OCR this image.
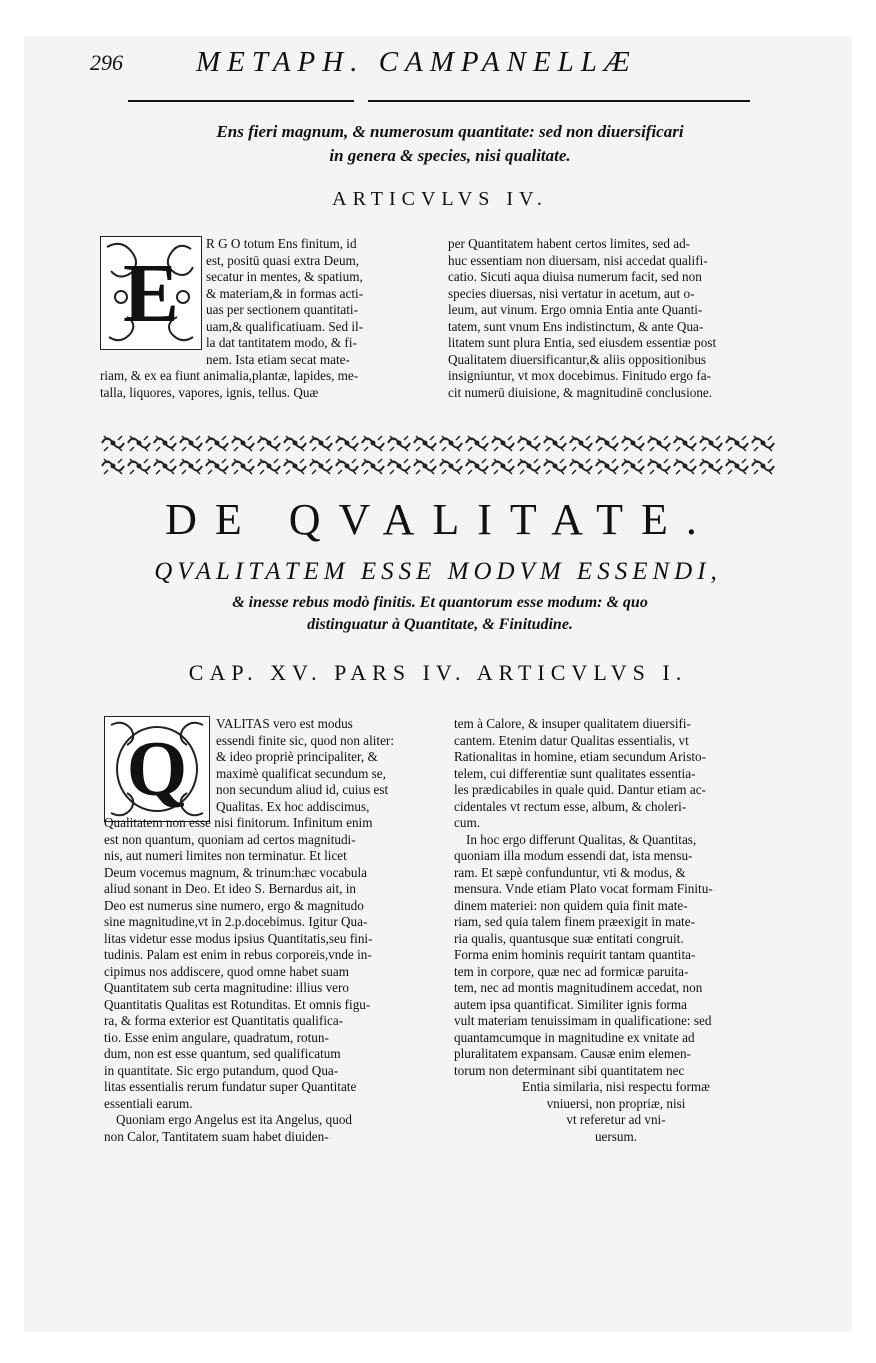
296	METAPH. CAMPANELLÆ
Ens fieri magnum, & numerosum quantitate: sed non diuersificari
in genera & species, nisi qualitate.
ARTICVLVS IV.
E

R G O totum Ens finitum, id

est, positū quasi extra Deum,

secatur in mentes, & spatium,

& materiam,& in formas acti-

uas per sectionem quantitati-

uam,& qualificatiuam. Sed il-

la dat tantitatem modo, & fi-

nem. Ista etiam secat mate-

riam, & ex ea fiunt animalia,plantæ, lapides, me-

talla, liquores, vapores, ignis, tellus. Quæ

per Quantitatem habent certos limites, sed ad-

huc essentiam non diuersam, nisi accedat qualifi-

catio. Sicuti aqua diuisa numerum facit, sed non

species diuersas, nisi vertatur in acetum, aut o-

leum, aut vinum. Ergo omnia Entia ante Quanti-

tatem, sunt vnum Ens indistinctum, & ante Qua-

litatem sunt plura Entia, sed eiusdem essentiæ post

Qualitatem diuersificantur,& aliis oppositionibus

insigniuntur, vt mox docebimus. Finitudo ergo fa-

cit numerū diuisione, & magnitudinē conclusione.

DE QVALITATE.
QVALITATEM ESSE MODVM ESSENDI,
& inesse rebus modò finitis. Et quantorum esse modum: & quo
distinguatur à Quantitate, & Finitudine.
CAP. XV. PARS IV. ARTICVLVS I.
Q

VALITAS vero est modus

essendi finite sic, quod non aliter:

& ideo propriè principaliter, &

maximè qualificat secundum se,

non secundum aliud id, cuius est

Qualitas. Ex hoc addiscimus,

Qualitatem non esse nisi finitorum. Infinitum enim

est non quantum, quoniam ad certos magnitudi-

nis, aut numeri limites non terminatur. Et licet

Deum vocemus magnum, & trinum:hæc vocabula

aliud sonant in Deo. Et ideo S. Bernardus ait, in

Deo est numerus sine numero, ergo & magnitudo

sine magnitudine,vt in 2.p.docebimus. Igitur Qua-

litas videtur esse modus ipsius Quantitatis,seu fini-

tudinis. Palam est enim in rebus corporeis,vnde in-

cipimus nos addiscere, quod omne habet suam

Quantitatem sub certa magnitudine: illius vero

Quantitatis Qualitas est Rotunditas. Et omnis figu-

ra, & forma exterior est Quantitatis qualifica-

tio. Esse enim angulare, quadratum, rotun-

dum, non est esse quantum, sed qualificatum

in quantitate. Sic ergo putandum, quod Qua-

litas essentialis rerum fundatur super Quantitate

essentiali earum.

Quoniam ergo Angelus est ita Angelus, quod

non Calor, Tantitatem suam habet diuiden-

tem à Calore, & insuper qualitatem diuersifi-

cantem. Etenim datur Qualitas essentialis, vt

Rationalitas in homine, etiam secundum Aristo-

telem, cui differentiæ sunt qualitates essentia-

les prædicabiles in quale quid. Dantur etiam ac-

cidentales vt rectum esse, album, & choleri-

cum.

In hoc ergo differunt Qualitas, & Quantitas,

quoniam illa modum essendi dat, ista mensu-

ram. Et sæpè confunduntur, vti & modus, &

mensura. Vnde etiam Plato vocat formam Finitu-

dinem materiei: non quidem quia finit mate-

riam, sed quia talem finem præexigit in mate-

ria qualis, quantusque suæ entitati congruit.

Forma enim hominis requirit tantam quantita-

tem in corpore, quæ nec ad formicæ paruita-

tem, nec ad montis magnitudinem accedat, non

autem ipsa quantificat. Similiter ignis forma

vult materiam tenuissimam in qualificatione: sed

quantamcumque in magnitudine ex vnitate ad

pluralitatem expansam. Causæ enim elemen-

torum non determinant sibi quantitatem nec

Entia similaria, nisi respectu formæ

vniuersi, non propriæ, nisi

vt referetur ad vni-

uersum.
